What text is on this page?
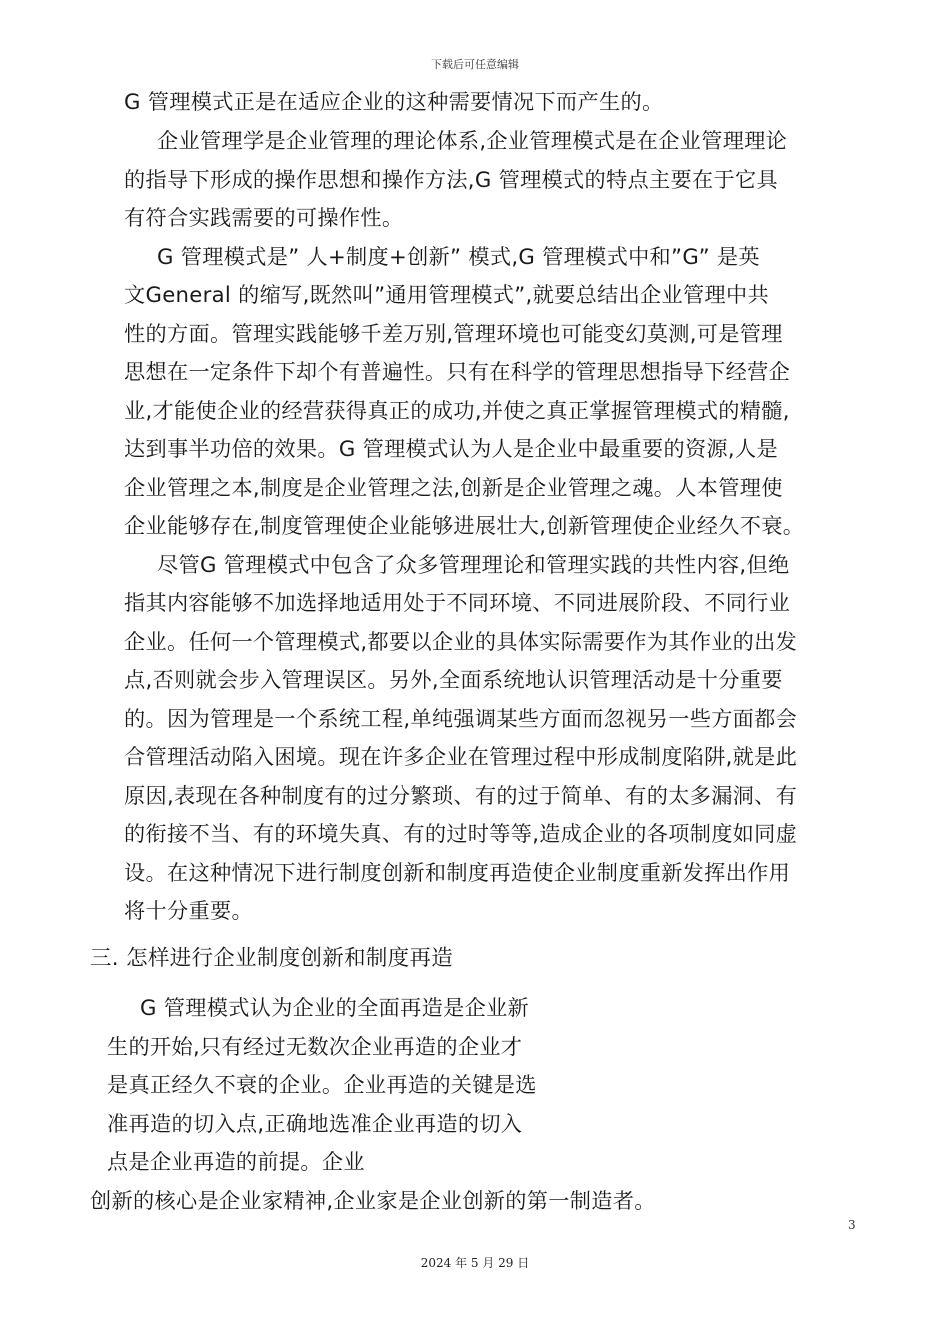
下载后可任意编辑
G 管理模式正是在适应企业的这种需要情况下而产生的。
企业管理学是企业管理的理论体系,企业管理模式是在企业管理理论
的指导下形成的操作思想和操作方法,G 管理模式的特点主要在于它具
有符合实践需要的可操作性。
G 管理模式是” 人+制度+创新” 模式,G 管理模式中和”G” 是英
文General 的缩写,既然叫”通用管理模式”,就要总结出企业管理中共
性的方面。管理实践能够千差万别,管理环境也可能变幻莫测,可是管理
思想在一定条件下却个有普遍性。只有在科学的管理思想指导下经营企
业,才能使企业的经营获得真正的成功,并使之真正掌握管理模式的精髓,
达到事半功倍的效果。G 管理模式认为人是企业中最重要的资源,人是
企业管理之本,制度是企业管理之法,创新是企业管理之魂。人本管理使
企业能够存在,制度管理使企业能够进展壮大,创新管理使企业经久不衰。
尽管G 管理模式中包含了众多管理理论和管理实践的共性内容,但绝
指其内容能够不加选择地适用处于不同环境、不同进展阶段、不同行业
企业。任何一个管理模式,都要以企业的具体实际需要作为其作业的出发
点,否则就会步入管理误区。另外,全面系统地认识管理活动是十分重要
的。因为管理是一个系统工程,单纯强调某些方面而忽视另一些方面都会
合管理活动陷入困境。现在许多企业在管理过程中形成制度陷阱,就是此
原因,表现在各种制度有的过分繁琐、有的过于简单、有的太多漏洞、有
的衔接不当、有的环境失真、有的过时等等,造成企业的各项制度如同虚
设。在这种情况下进行制度创新和制度再造使企业制度重新发挥出作用
将十分重要。
三. 怎样进行企业制度创新和制度再造
G 管理模式认为企业的全面再造是企业新
生的开始,只有经过无数次企业再造的企业才
是真正经久不衰的企业。企业再造的关键是选
准再造的切入点,正确地选准企业再造的切入
点是企业再造的前提。企业
创新的核心是企业家精神,企业家是企业创新的第一制造者。
3
2024 年 5 月 29 日
